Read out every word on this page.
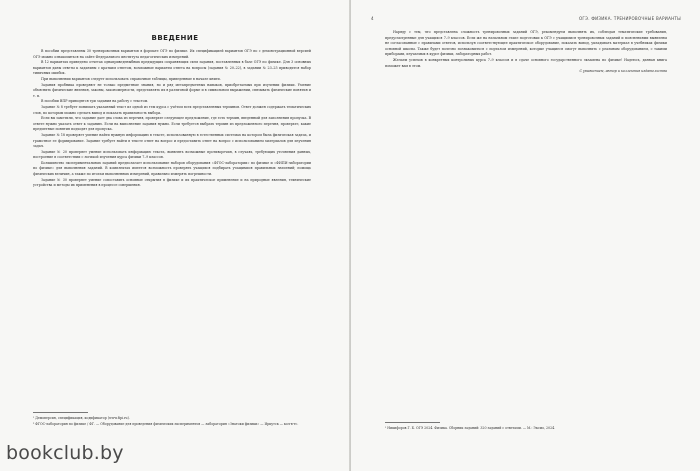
ВВЕДЕНИЕ

В пособии представлены 30 тренировочных вариантов в формате ОГЭ по физике. Их спецификацией вариантов ОГЭ по с демонстрационной версией ОГЭ можно ознакомиться на сайте Федерального института педагогических измерений.

В 12 вариантах приведено отчетах однаприведеныбных предыдущих сохраняющих схем задания, поставленных в базе ОГЭ по физике. Для 3 основных вариантов даны ответы к заданиям с кратким ответом, возможные варианты ответа на вопросы (задания № 20–22), в задании № 23–25 приводится набор типичных ошибок.

При выполнении вариантов следует использовать справочные таблицы, приведенные в начале книги.

Задания пробника проверяют не только предметные знания, но и ряд метапредметных навыков, приобретаемых при изучении физики. Умение объяснить физические явления, законы, закономерности, представлять их в различной форме и в символьном выражении, связывать физические понятия и т. п.

В пособии ВПР приводятся три задания на работу с текстом.

Задание № 8 требует понимать указанный текст из одной из тем курса с учётом всех представленных терминов. Ответ должен содержать тематических слов, по которым можно сделать вывод и показать правильность выбора.

Если вы заметили, что задание дает два слова из перечня, проверьте следующее предложение, где есть термин, введенный для заполнения пропуска. В ответе нужно указать ответ к заданию. Если на выполнение задания нужно. Если требуется выбрать термин из предложенного перечня, проверьте, какие предметные понятия подходят для пропуска.

Задание № 18 проверяет умение найти нужную информацию в тексте, использованную в естественных системах на котором была физическая задача, и грамотное ее формирование. Задание требует найти в тексте ответ на вопрос и предоставить ответ на вопрос с использованием материалов для изучения задач.

Задание № 20 проверяет умение использовать информацию текста, выявлять возможные противоречия, в случаях, требующих уточнения данных, построение в соответствии с логикой изучения курса физики 7–9 классов.

Большинство экспериментальных заданий предполагает использование наборов оборудования «ФГОС-лаборатории» по физике и «ФИПИ-лаборатории по физике» для выполнения заданий. В комплектах имеется возможность проверять учащихся подбирать учащимися правильных значений; помощь физических величин, а также по итогам выполненных измерений, правильно измерять погрешности.

Задание № 30 проверяет умение сопоставить основные открытия в физике и их практическое применение и на природные явления, технические устройства и методы их применения в процессе совершения.

¹ Демоверсия, спецификация, кодификатор (www.fipi.ru).
² ФГОС-лаборатория по физике / ФГ. — Оборудование для проведения физических экспериментов — лаборатория «Знатоки физики» — Иркутск — кол-в-тс.
4	ОГЭ. ФИЗИКА. ТРЕНИРОВОЧНЫЕ ВАРИАНТЫ

Наряду с тем, что представлена сложность тренировочных заданий ОГЭ, рекомендуем выполнять их, соблюдая тематические требования, предусмотренные для учащихся 7–9 классов. Если же на начальном этапе подготовки к ОГЭ с учащимися тренировочных заданий и пояснениями выявлены не согласованные с правилами ответов, используя соответствующее практическое оборудование, показать вывод, укладывать материал в учебниках физики основной школы. Также будет полезно познакомиться с порталом измерений, которые учащиеся смогут выполнить с реальным оборудованием, с такими приборами, изучаемых в курсе физики, лабораторных работ.

Желаем успехов в конкретных контрольных курса 7–9 классов и в сдаче основного государственного экзамена по физике! Надеюсь, данная книга поможет вам в этом.

С уважением, автор и коллектив издательства

¹ Никифоров Г. Б. ОГЭ 2024. Физика. Сборник заданий: 320 заданий с ответами. — М.: Эксмо, 2024.
bookclub.by
